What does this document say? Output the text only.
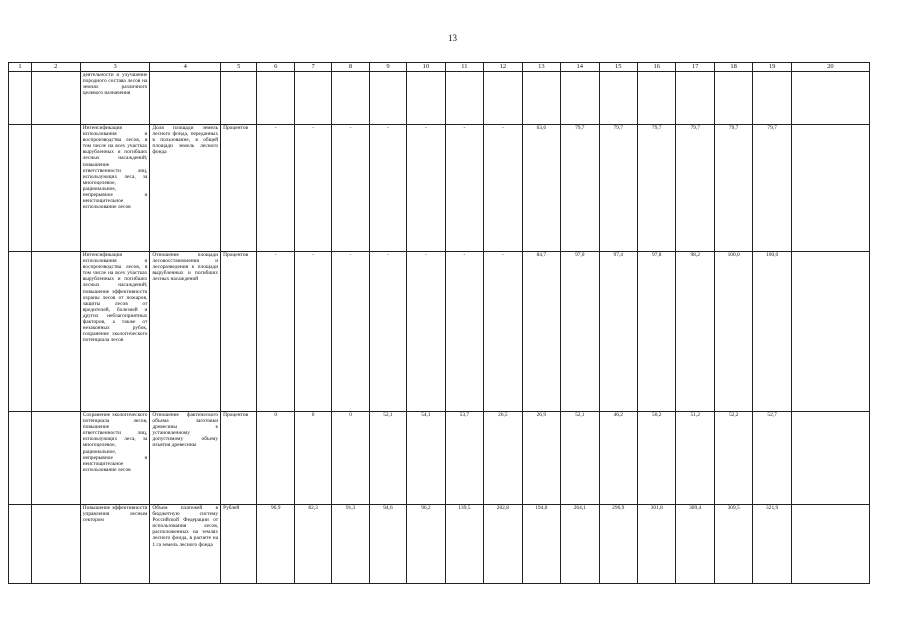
13
1	2	3	4	5	6	7	8	9	10	11	12	13	14	15	16	17	18	19	20
		деятельности и улучшение породного состава лесов на землях различного целевого назначения																	
		Интенсификация использования и воспроизводства лесов, в том числе на всех участках вырубленных и погибших лесных насаждений; повышение ответственности лиц, использующих леса, за многоцелевое, рациональное, непрерывное и неистощительное использование лесов	Доля площади земель лесного фонда, переданных в пользование, в общей площади земель лесного фонда	Процентов	-	-	-	-	-	-	-	63,6	79,7	79,7	79,7	79,7	79,7	79,7	
		Интенсификация использования и воспроизводства лесов, в том числе на всех участках вырубленных и погибших лесных насаждений; повышение эффективности охраны лесов от пожаров, защиты лесов от вредителей, болезней и других неблагоприятных факторов, а также от незаконных рубок, сохранение экологического потенциала лесов	Отношение площади лесовосстановления и лесоразведения к площади вырубленных и погибших лесных насаждений	Процентов	-	-	-	-	-	-	-	84,7	97,0	97,4	97,8	98,2	100,0	100,0	
		Сохранение экологического потенциала лесов, повышение ответственности лиц, использующих леса, за многоцелевое, рациональное, непрерывное и неистощительное использование лесов	Отношение фактического объема заготовки древесины к установленному допустимому объему изъятия древесины	Процентов	0	0	0	52,1	54,1	53,7	26,5	26,9	52,1	46,2	50,2	51,2	52,2	52,7	
		Повышение эффективности управления лесным сектором	Объем платежей в бюджетную систему Российской Федерации от использования лесов, расположенных на землях лесного фонда, в расчете на 1 га земель лесного фонда	Рублей	96,9	82,3	91,3	94,6	96,2	139,5	202,8	194,0	264,1	296,9	301,8	309,4	309,5	321,9	
